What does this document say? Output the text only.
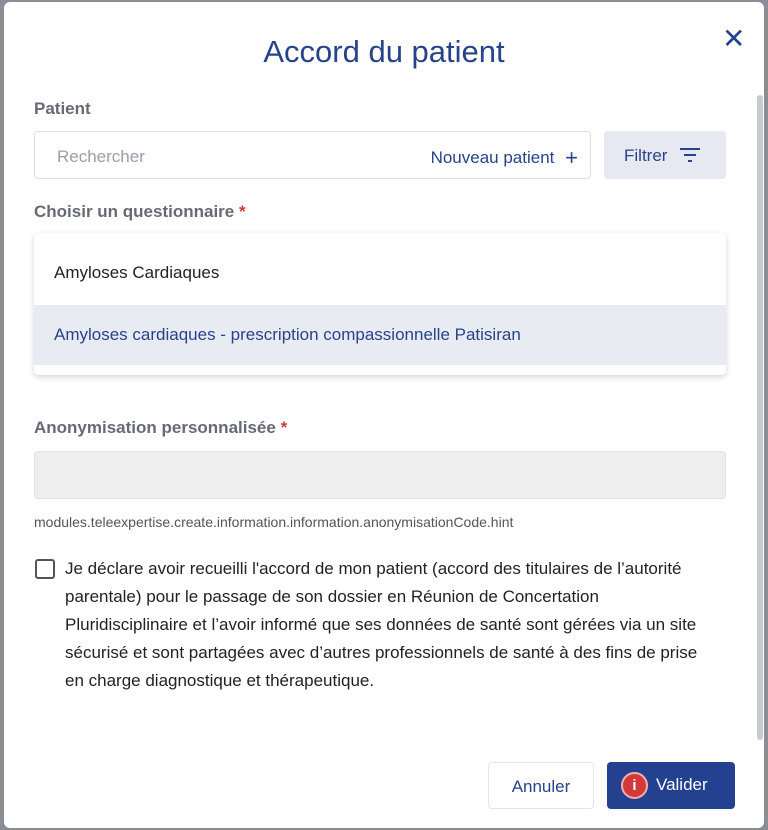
Accord du patient	✕
Patient
Rechercher	Nouveau patient +	Filtrer
Choisir un questionnaire *
Amyloses Cardiaques
Amyloses cardiaques - prescription compassionnelle Patisiran
Anonymisation personnalisée *
modules.teleexpertise.create.information.information.anonymisationCode.hint
Je déclare avoir recueilli l'accord de mon patient (accord des titulaires de l’autorité parentale) pour le passage de son dossier en Réunion de Concertation Pluridisciplinaire et l’avoir informé que ses données de santé sont gérées via un site sécurisé et sont partagées avec d’autres professionnels de santé à des fins de prise en charge diagnostique et thérapeutique.
Annuler	i	Valider
